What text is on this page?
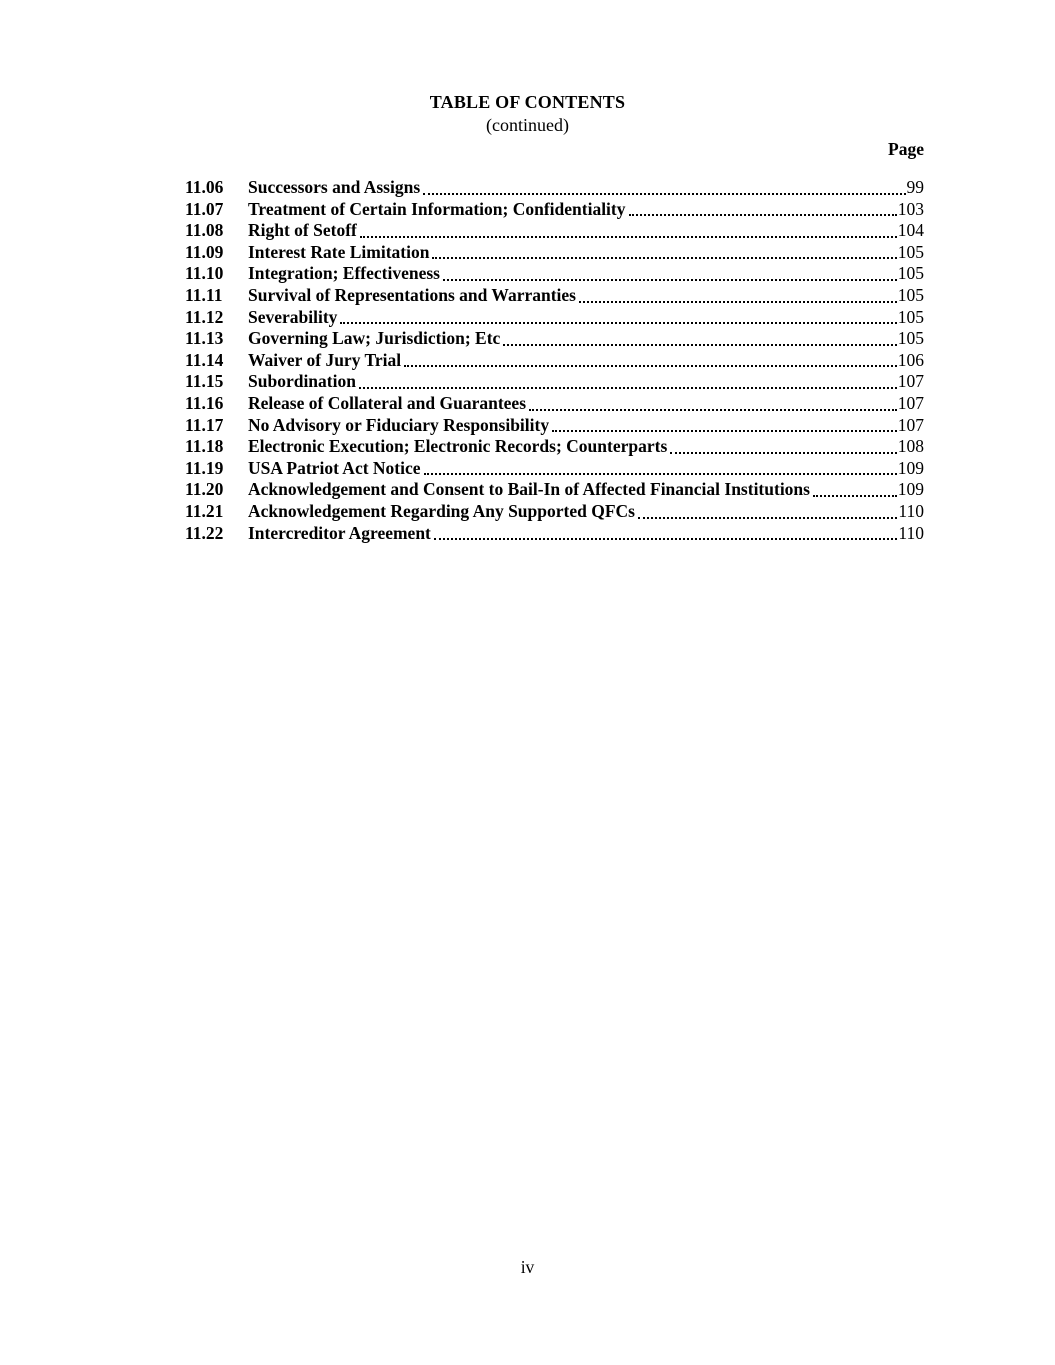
TABLE OF CONTENTS
(continued)
Page
11.06	Successors and Assigns	99
11.07	Treatment of Certain Information; Confidentiality	103
11.08	Right of Setoff	104
11.09	Interest Rate Limitation	105
11.10	Integration; Effectiveness	105
11.11	Survival of Representations and Warranties	105
11.12	Severability	105
11.13	Governing Law; Jurisdiction; Etc	105
11.14	Waiver of Jury Trial	106
11.15	Subordination	107
11.16	Release of Collateral and Guarantees	107
11.17	No Advisory or Fiduciary Responsibility	107
11.18	Electronic Execution; Electronic Records; Counterparts	108
11.19	USA Patriot Act Notice	109
11.20	Acknowledgement and Consent to Bail-In of Affected Financial Institutions	109
11.21	Acknowledgement Regarding Any Supported QFCs	110
11.22	Intercreditor Agreement	110
iv
